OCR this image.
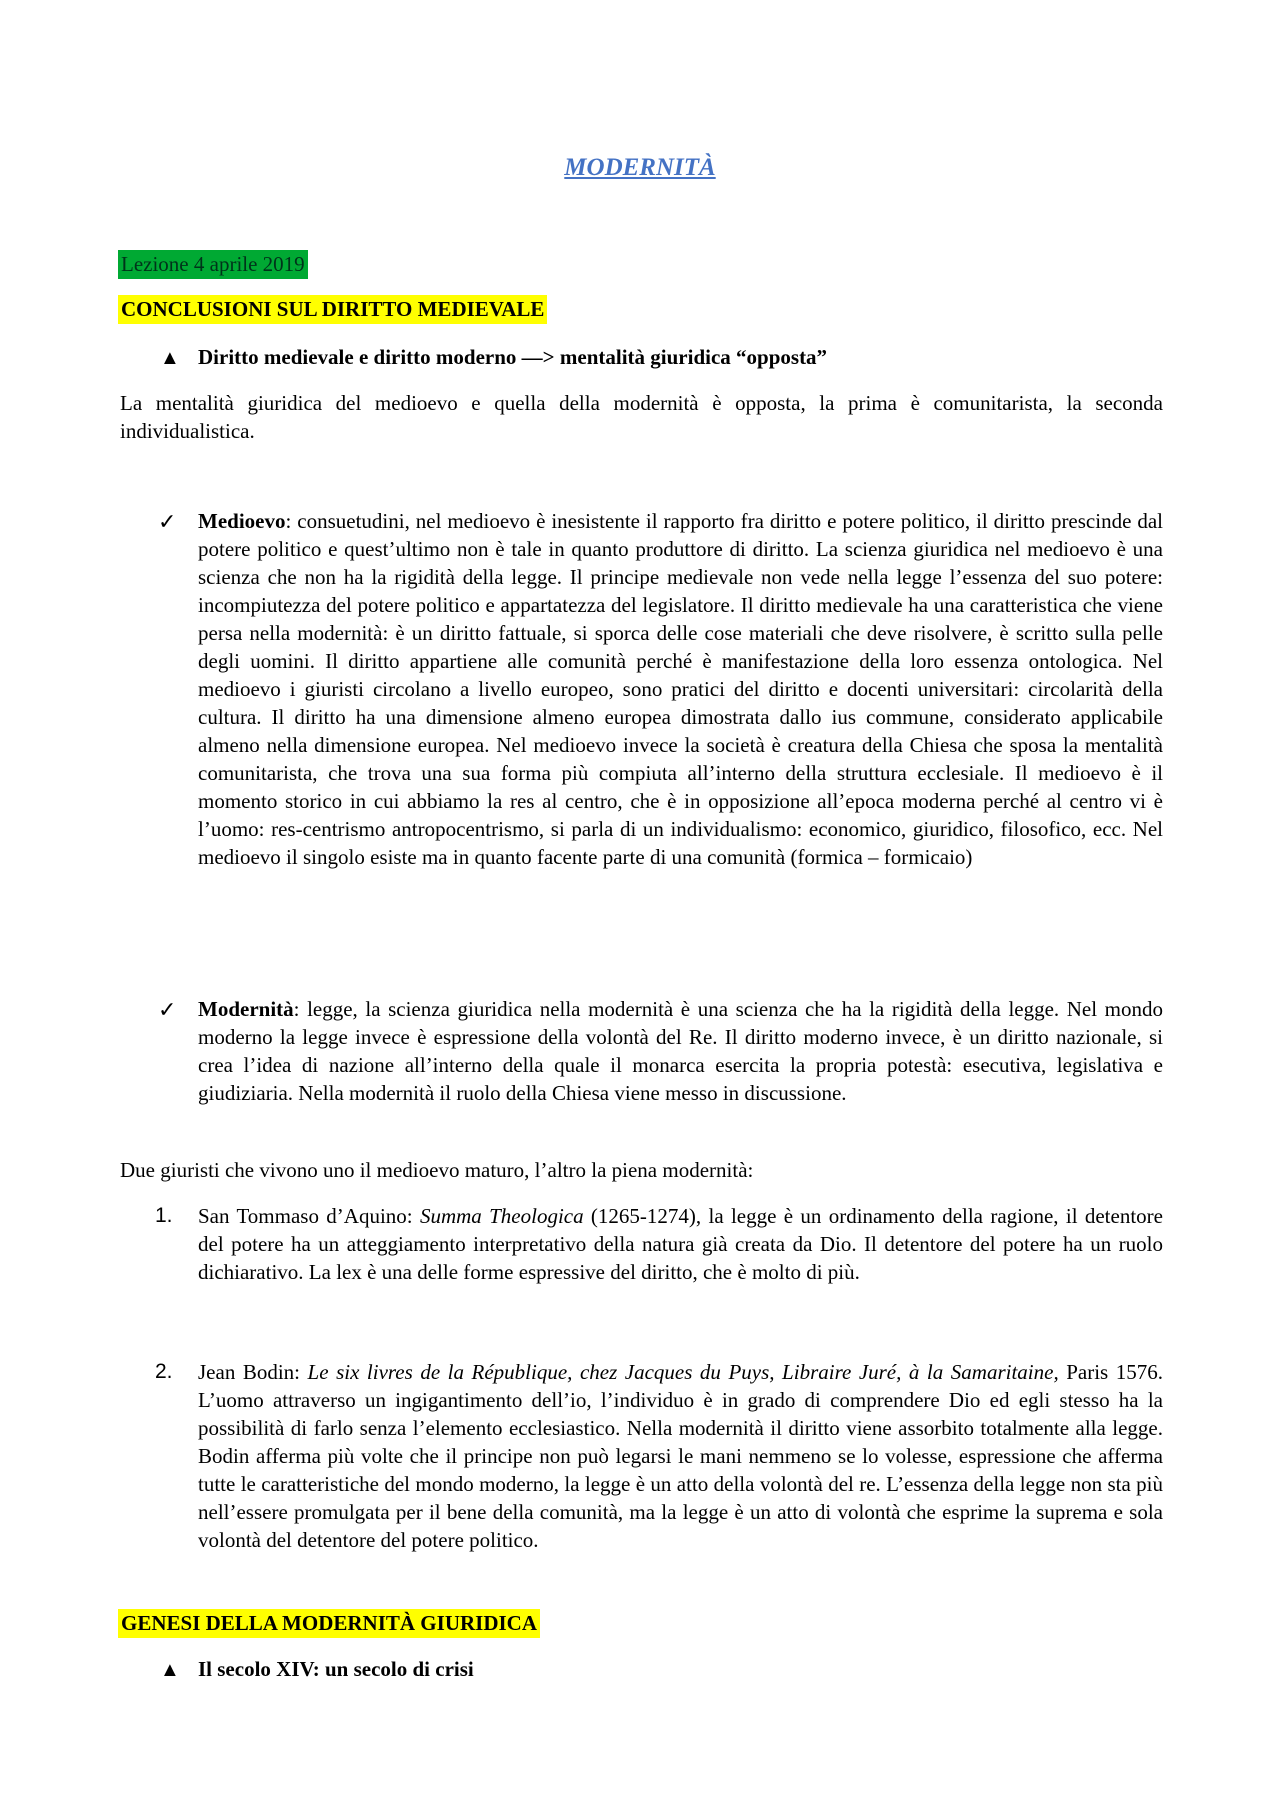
MODERNITÀ
Lezione 4 aprile 2019
CONCLUSIONI SUL DIRITTO MEDIEVALE
▲ Diritto medievale e diritto moderno —> mentalità giuridica “opposta”
La mentalità giuridica del medioevo e quella della modernità è opposta, la prima è comunitarista, la seconda individualistica.
✓ Medioevo: consuetudini, nel medioevo è inesistente il rapporto fra diritto e potere politico, il diritto prescinde dal potere politico e quest’ultimo non è tale in quanto produttore di diritto. La scienza giuridica nel medioevo è una scienza che non ha la rigidità della legge. Il principe medievale non vede nella legge l’essenza del suo potere: incompiutezza del potere politico e appartatezza del legislatore. Il diritto medievale ha una caratteristica che viene persa nella modernità: è un diritto fattuale, si sporca delle cose materiali che deve risolvere, è scritto sulla pelle degli uomini. Il diritto appartiene alle comunità perché è manifestazione della loro essenza ontologica. Nel medioevo i giuristi circolano a livello europeo, sono pratici del diritto e docenti universitari: circolarità della cultura. Il diritto ha una dimensione almeno europea dimostrata dallo ius commune, considerato applicabile almeno nella dimensione europea. Nel medioevo invece la società è creatura della Chiesa che sposa la mentalità comunitarista, che trova una sua forma più compiuta all’interno della struttura ecclesiale. Il medioevo è il momento storico in cui abbiamo la res al centro, che è in opposizione all’epoca moderna perché al centro vi è l’uomo: res-centrismo antropocentrismo, si parla di un individualismo: economico, giuridico, filosofico, ecc. Nel medioevo il singolo esiste ma in quanto facente parte di una comunità (formica – formicaio)
✓ Modernità: legge, la scienza giuridica nella modernità è una scienza che ha la rigidità della legge. Nel mondo moderno la legge invece è espressione della volontà del Re. Il diritto moderno invece, è un diritto nazionale, si crea l’idea di nazione all’interno della quale il monarca esercita la propria potestà: esecutiva, legislativa e giudiziaria. Nella modernità il ruolo della Chiesa viene messo in discussione.
Due giuristi che vivono uno il medioevo maturo, l’altro la piena modernità:
1. San Tommaso d’Aquino: Summa Theologica (1265-1274), la legge è un ordinamento della ragione, il detentore del potere ha un atteggiamento interpretativo della natura già creata da Dio. Il detentore del potere ha un ruolo dichiarativo. La lex è una delle forme espressive del diritto, che è molto di più.
2. Jean Bodin: Le six livres de la République, chez Jacques du Puys, Libraire Juré, à la Samaritaine, Paris 1576. L’uomo attraverso un ingigantimento dell’io, l’individuo è in grado di comprendere Dio ed egli stesso ha la possibilità di farlo senza l’elemento ecclesiastico. Nella modernità il diritto viene assorbito totalmente alla legge. Bodin afferma più volte che il principe non può legarsi le mani nemmeno se lo volesse, espressione che afferma tutte le caratteristiche del mondo moderno, la legge è un atto della volontà del re. L’essenza della legge non sta più nell’essere promulgata per il bene della comunità, ma la legge è un atto di volontà che esprime la suprema e sola volontà del detentore del potere politico.
GENESI DELLA MODERNITÀ GIURIDICA
▲ Il secolo XIV: un secolo di crisi
